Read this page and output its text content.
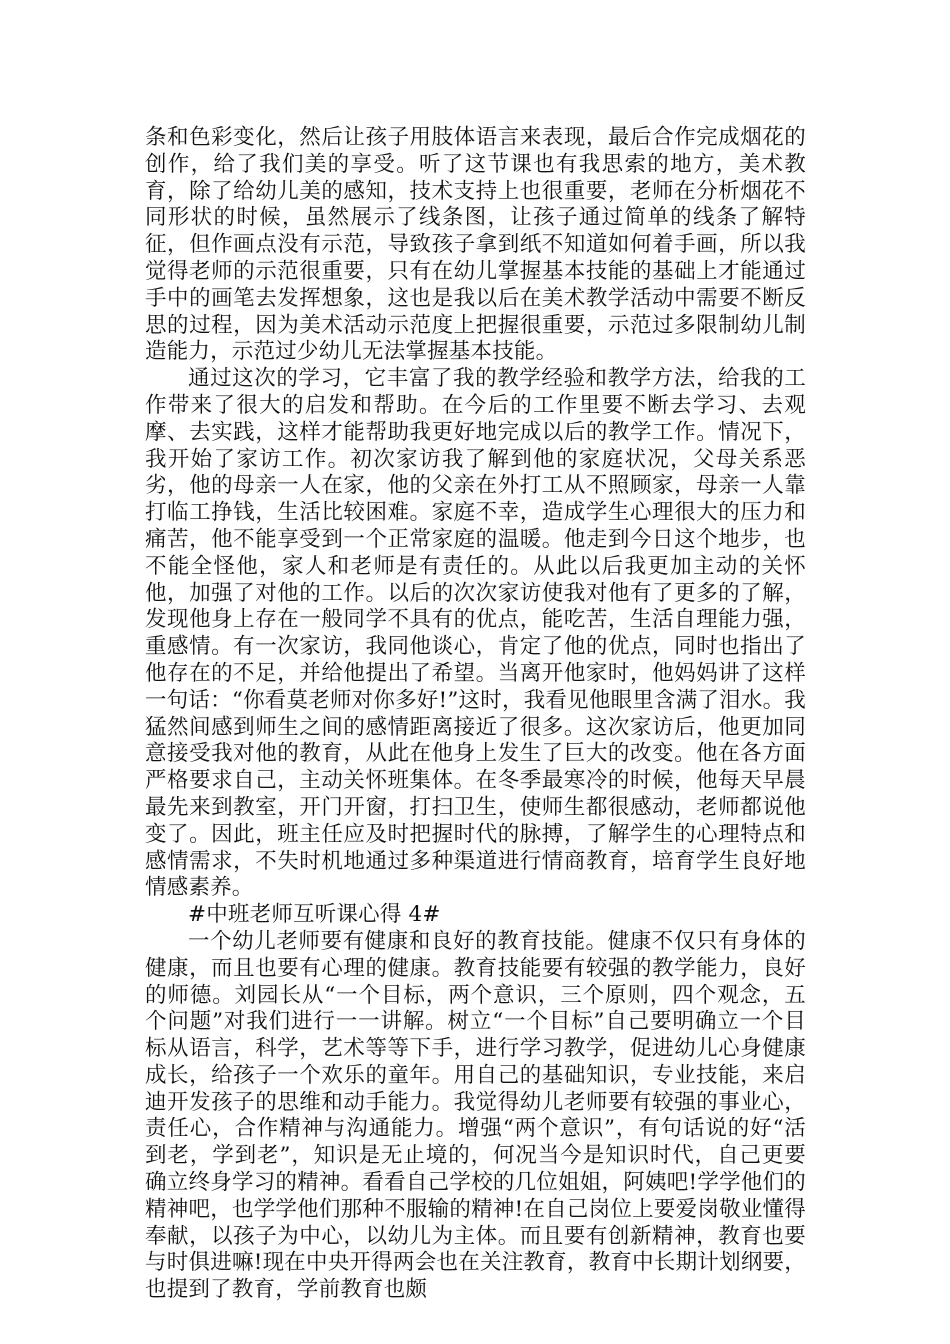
条和色彩变化，然后让孩子用肢体语言来表现，最后合作完成烟花的创作，给了我们美的享受。听了这节课也有我思索的地方，美术教育，除了给幼儿美的感知，技术支持上也很重要，老师在分析烟花不同形状的时候，虽然展示了线条图，让孩子通过简单的线条了解特征，但作画点没有示范，导致孩子拿到纸不知道如何着手画，所以我觉得老师的示范很重要，只有在幼儿掌握基本技能的基础上才能通过手中的画笔去发挥想象，这也是我以后在美术教学活动中需要不断反思的过程，因为美术活动示范度上把握很重要，示范过多限制幼儿制造能力，示范过少幼儿无法掌握基本技能。

通过这次的学习，它丰富了我的教学经验和教学方法，给我的工作带来了很大的启发和帮助。在今后的工作里要不断去学习、去观摩、去实践，这样才能帮助我更好地完成以后的教学工作。情况下，我开始了家访工作。初次家访我了解到他的家庭状况，父母关系恶劣，他的母亲一人在家，他的父亲在外打工从不照顾家，母亲一人靠打临工挣钱，生活比较困难。家庭不幸，造成学生心理很大的压力和痛苦，他不能享受到一个正常家庭的温暖。他走到今日这个地步，也不能全怪他，家人和老师是有责任的。从此以后我更加主动的关怀他，加强了对他的工作。以后的次次家访使我对他有了更多的了解，发现他身上存在一般同学不具有的优点，能吃苦，生活自理能力强，重感情。有一次家访，我同他谈心，肯定了他的优点，同时也指出了他存在的不足，并给他提出了希望。当离开他家时，他妈妈讲了这样一句话：“你看莫老师对你多好!”这时，我看见他眼里含满了泪水。我猛然间感到师生之间的感情距离接近了很多。这次家访后，他更加同意接受我对他的教育，从此在他身上发生了巨大的改变。他在各方面严格要求自己，主动关怀班集体。在冬季最寒冷的时候，他每天早晨最先来到教室，开门开窗，打扫卫生，使师生都很感动，老师都说他变了。因此，班主任应及时把握时代的脉搏，了解学生的心理特点和感情需求，不失时机地通过多种渠道进行情商教育，培育学生良好地情感素养。

#中班老师互听课心得 4#

一个幼儿老师要有健康和良好的教育技能。健康不仅只有身体的健康，而且也要有心理的健康。教育技能要有较强的教学能力，良好的师德。刘园长从“一个目标，两个意识，三个原则，四个观念，五个问题”对我们进行一一讲解。树立“一个目标”自己要明确立一个目标从语言，科学，艺术等等下手，进行学习教学，促进幼儿心身健康成长，给孩子一个欢乐的童年。用自己的基础知识，专业技能，来启迪开发孩子的思维和动手能力。我觉得幼儿老师要有较强的事业心，责任心，合作精神与沟通能力。增强“两个意识”，有句话说的好“活到老，学到老”，知识是无止境的，何况当今是知识时代，自己更要确立终身学习的精神。看看自己学校的几位姐姐，阿姨吧!学学他们的精神吧，也学学他们那种不服输的精神!在自己岗位上要爱岗敬业懂得奉献，以孩子为中心，以幼儿为主体。而且要有创新精神，教育也要与时俱进嘛!现在中央开得两会也在关注教育，教育中长期计划纲要，也提到了教育，学前教育也颇
